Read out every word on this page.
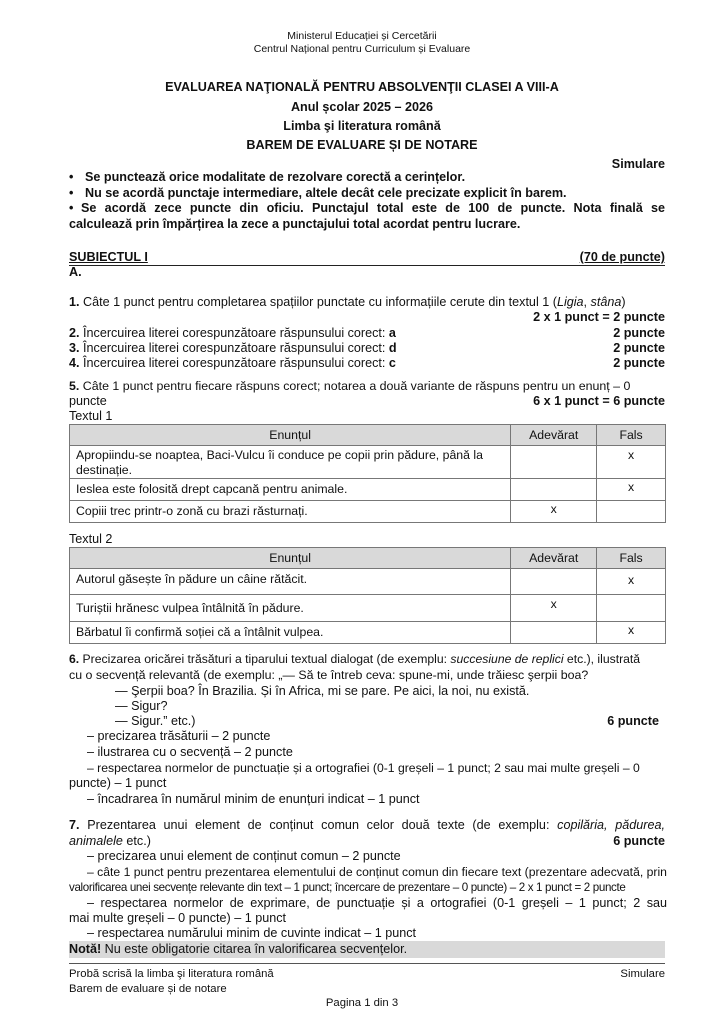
Ministerul Educației și Cercetării
Centrul Național pentru Curriculum și Evaluare
EVALUAREA NAŢIONALĂ PENTRU ABSOLVENŢII CLASEI A VIII-A
Anul școlar 2025 – 2026
Limba şi literatura română
BAREM DE EVALUARE ȘI DE NOTARE
Simulare
• Se punctează orice modalitate de rezolvare corectă a cerințelor.
• Nu se acordă punctaje intermediare, altele decât cele precizate explicit în barem.
• Se acordă zece puncte din oficiu. Punctajul total este de 100 de puncte. Nota finală se
calculează prin împărțirea la zece a punctajului total acordat pentru lucrare.
SUBIECTUL I	(70 de puncte)
A.
1. Câte 1 punct pentru completarea spațiilor punctate cu informațiile cerute din textul 1 (Ligia, stâna)
2 x 1 punct = 2 puncte
2. Încercuirea literei corespunzătoare răspunsului corect: a	2 puncte
3. Încercuirea literei corespunzătoare răspunsului corect: d	2 puncte
4. Încercuirea literei corespunzătoare răspunsului corect: c	2 puncte
5. Câte 1 punct pentru fiecare răspuns corect; notarea a două variante de răspuns pentru un enunț – 0
puncte	6 x 1 punct = 6 puncte
Textul 1
Enunțul	Adevărat	Fals
Apropiindu-se noaptea, Baci-Vulcu îi conduce pe copii prin pădure, până la destinație.		x
Ieslea este folosită drept capcană pentru animale.		x
Copiii trec printr-o zonă cu brazi răsturnați.	x	
Textul 2
Enunțul	Adevărat	Fals
Autorul găsește în pădure un câine rătăcit.		x
Turiștii hrănesc vulpea întâlnită în pădure.	x	
Bărbatul îi confirmă soției că a întâlnit vulpea.		x
6. Precizarea oricărei trăsături a tiparului textual dialogat (de exemplu: succesiune de replici etc.), ilustrată
cu o secvență relevantă (de exemplu: „— Să te întreb ceva: spune-mi, unde trăiesc şerpii boa?
— Şerpii boa? În Brazilia. Și în Africa, mi se pare. Pe aici, la noi, nu există.
— Sigur?
— Sigur.” etc.)	6 puncte
– precizarea trăsăturii – 2 puncte
– ilustrarea cu o secvență – 2 puncte
– respectarea normelor de punctuație și a ortografiei (0-1 greșeli – 1 punct; 2 sau mai multe greșeli – 0
puncte) – 1 punct
– încadrarea în numărul minim de enunțuri indicat – 1 punct
7. Prezentarea unui element de conținut comun celor două texte (de exemplu: copilăria, pădurea,
animalele etc.)	6 puncte
– precizarea unui element de conținut comun – 2 puncte
– câte 1 punct pentru prezentarea elementului de conținut comun din fiecare text (prezentare adecvată, prin
valorificarea unei secvențe relevante din text – 1 punct; încercare de prezentare – 0 puncte) – 2 x 1 punct = 2 puncte
– respectarea normelor de exprimare, de punctuație și a ortografiei (0-1 greșeli – 1 punct; 2 sau
mai multe greșeli – 0 puncte) – 1 punct
– respectarea numărului minim de cuvinte indicat – 1 punct
Notă! Nu este obligatorie citarea în valorificarea secvențelor.
Probă scrisă la limba şi literatura română
Barem de evaluare și de notare
Simulare
Pagina 1 din 3
